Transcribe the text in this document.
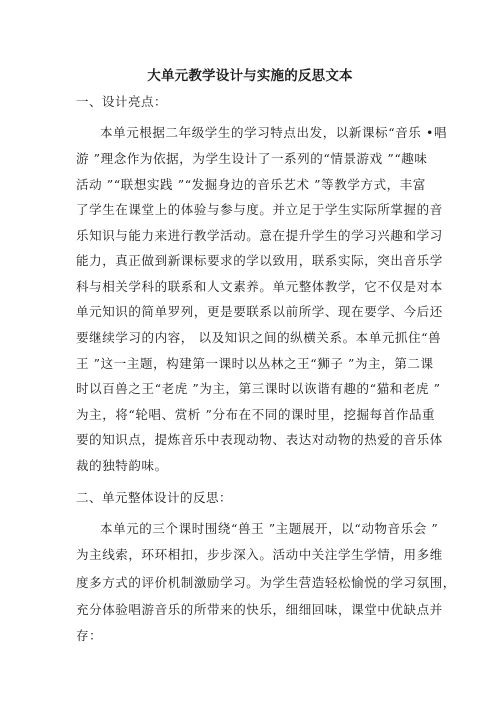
大单元教学设计与实施的反思文本
一、设计亮点：
本单元根据二年级学生的学习特点出发，以新课标“音乐 •唱
游 ”理念作为依据，为学生设计了一系列的“情景游戏 ”“趣味
活动 ”“联想实践 ”“发掘身边的音乐艺术 ”等教学方式，丰富
了学生在课堂上的体验与参与度。并立足于学生实际所掌握的音
乐知识与能力来进行教学活动。意在提升学生的学习兴趣和学习
能力，真正做到新课标要求的学以致用，联系实际，突出音乐学
科与相关学科的联系和人文素养。单元整体教学，它不仅是对本
单元知识的简单罗列，更是要联系以前所学、现在要学、今后还
要继续学习的内容， 以及知识之间的纵横关系。本单元抓住“兽
王 ”这一主题，构建第一课时以丛林之王“狮子 ”为主，第二课
时以百兽之王“老虎 ”为主，第三课时以诙谐有趣的“猫和老虎 ”
为主，将“轮唱、赏析 ”分布在不同的课时里，挖掘每首作品重
要的知识点，提炼音乐中表现动物、表达对动物的热爱的音乐体
裁的独特韵味。
二、单元整体设计的反思：
本单元的三个课时围绕“兽王 ”主题展开，以“动物音乐会 ”
为主线索，环环相扣，步步深入。活动中关注学生学情，用多维
度多方式的评价机制激励学习。为学生营造轻松愉悦的学习氛围，
充分体验唱游音乐的所带来的快乐，细细回味，课堂中优缺点并
存：
